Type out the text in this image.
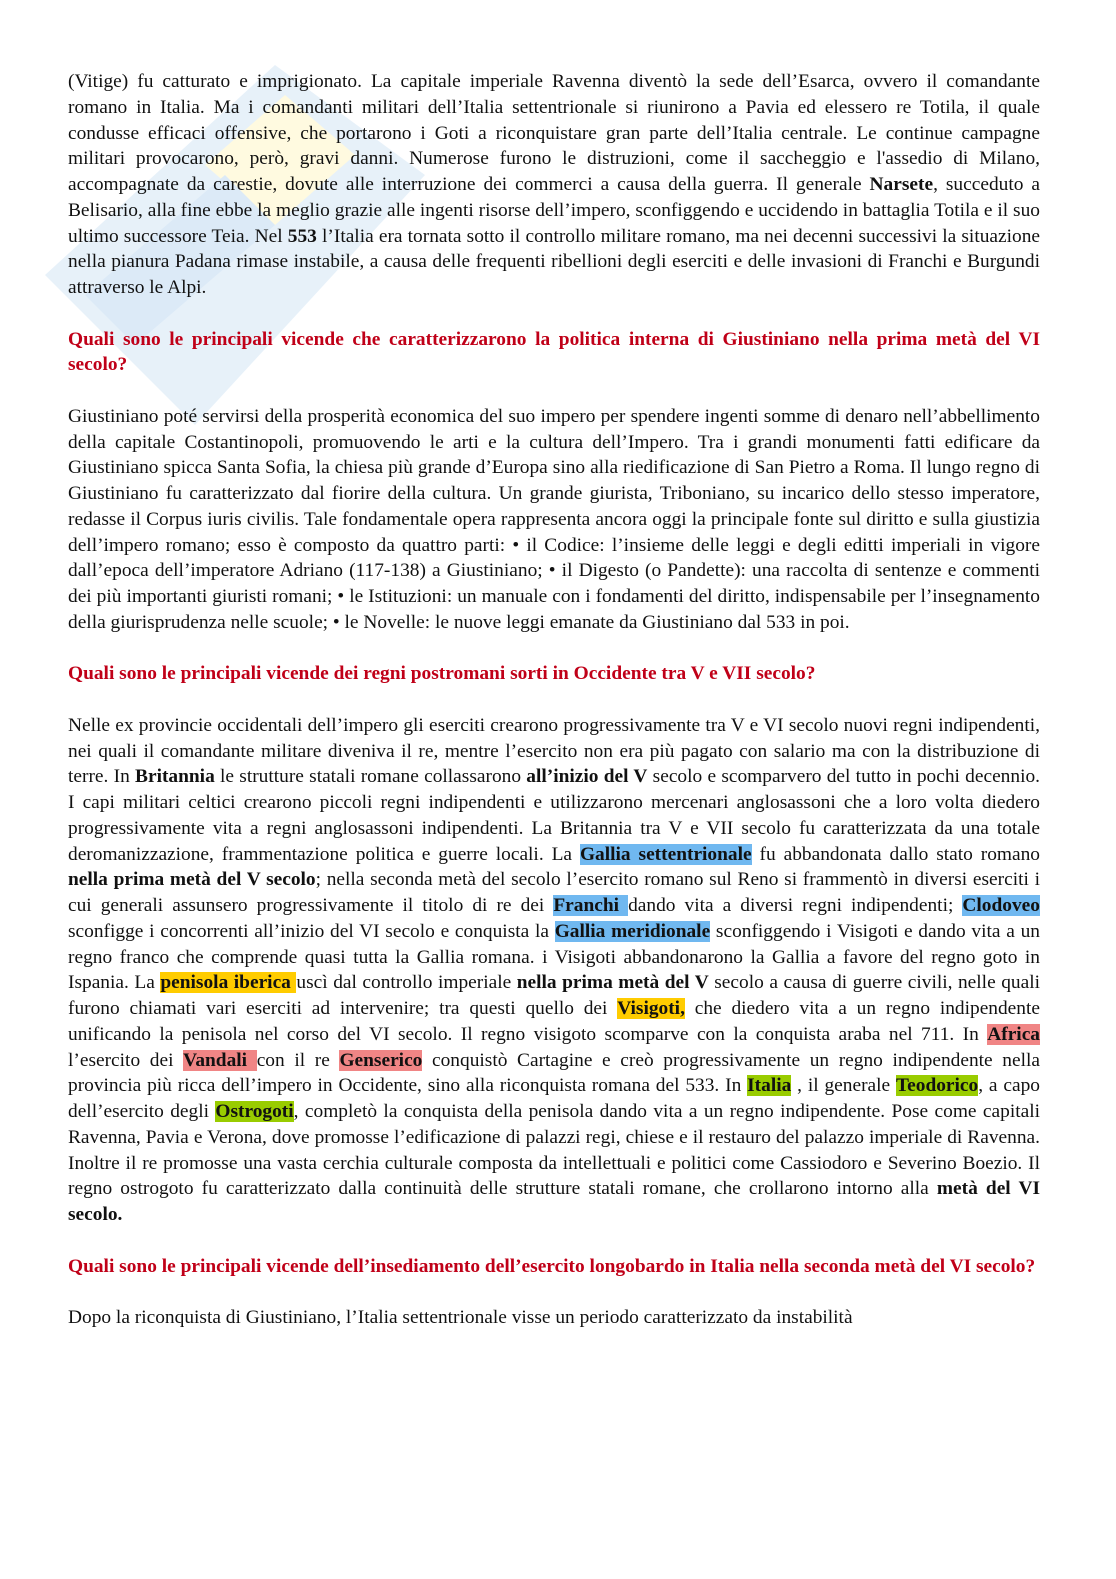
(Vitige) fu catturato e imprigionato. La capitale imperiale Ravenna diventò la sede dell’Esarca, ovvero il comandante romano in Italia. Ma i comandanti militari dell’Italia settentrionale si riunirono a Pavia ed elessero re Totila, il quale condusse efficaci offensive, che portarono i Goti a riconquistare gran parte dell’Italia centrale. Le continue campagne militari provocarono, però, gravi danni. Numerose furono le distruzioni, come il saccheggio e l'assedio di Milano, accompagnate da carestie, dovute alle interruzione dei commerci a causa della guerra. Il generale Narsete, succeduto a Belisario, alla fine ebbe la meglio grazie alle ingenti risorse dell’impero, sconfiggendo e uccidendo in battaglia Totila e il suo ultimo successore Teia. Nel 553 l’Italia era tornata sotto il controllo militare romano, ma nei decenni successivi la situazione nella pianura Padana rimase instabile, a causa delle frequenti ribellioni degli eserciti e delle invasioni di Franchi e Burgundi attraverso le Alpi.
Quali sono le principali vicende che caratterizzarono la politica interna di Giustiniano nella prima metà del VI secolo?
Giustiniano poté servirsi della prosperità economica del suo impero per spendere ingenti somme di denaro nell’abbellimento della capitale Costantinopoli, promuovendo le arti e la cultura dell’Impero. Tra i grandi monumenti fatti edificare da Giustiniano spicca Santa Sofia, la chiesa più grande d’Europa sino alla riedificazione di San Pietro a Roma. Il lungo regno di Giustiniano fu caratterizzato dal fiorire della cultura. Un grande giurista, Triboniano, su incarico dello stesso imperatore, redasse il Corpus iuris civilis. Tale fondamentale opera rappresenta ancora oggi la principale fonte sul diritto e sulla giustizia dell’impero romano; esso è composto da quattro parti: • il Codice: l’insieme delle leggi e degli editti imperiali in vigore dall’epoca dell’imperatore Adriano (117-138) a Giustiniano; • il Digesto (o Pandette): una raccolta di sentenze e commenti dei più importanti giuristi romani; • le Istituzioni: un manuale con i fondamenti del diritto, indispensabile per l’insegnamento della giurisprudenza nelle scuole; • le Novelle: le nuove leggi emanate da Giustiniano dal 533 in poi.
Quali sono le principali vicende dei regni postromani sorti in Occidente tra V e VII secolo?
Nelle ex provincie occidentali dell’impero gli eserciti crearono progressivamente tra V e VI secolo nuovi regni indipendenti, nei quali il comandante militare diveniva il re, mentre l’esercito non era più pagato con salario ma con la distribuzione di terre. In Britannia le strutture statali romane collassarono all’inizio del V secolo e scomparvero del tutto in pochi decennio. I capi militari celtici crearono piccoli regni indipendenti e utilizzarono mercenari anglosassoni che a loro volta diedero progressivamente vita a regni anglosassoni indipendenti. La Britannia tra V e VII secolo fu caratterizzata da una totale deromanizzazione, frammentazione politica e guerre locali. La Gallia settentrionale fu abbandonata dallo stato romano nella prima metà del V secolo; nella seconda metà del secolo l’esercito romano sul Reno si frammentò in diversi eserciti i cui generali assunsero progressivamente il titolo di re dei Franchi dando vita a diversi regni indipendenti; Clodoveo sconfigge i concorrenti all’inizio del VI secolo e conquista la Gallia meridionale sconfiggendo i Visigoti e dando vita a un regno franco che comprende quasi tutta la Gallia romana. i Visigoti abbandonarono la Gallia a favore del regno goto in Ispania. La penisola iberica uscì dal controllo imperiale nella prima metà del V secolo a causa di guerre civili, nelle quali furono chiamati vari eserciti ad intervenire; tra questi quello dei Visigoti, che diedero vita a un regno indipendente unificando la penisola nel corso del VI secolo. Il regno visigoto scomparve con la conquista araba nel 711. In Africa l’esercito dei Vandali con il re Genserico conquistò Cartagine e creò progressivamente un regno indipendente nella provincia più ricca dell’impero in Occidente, sino alla riconquista romana del 533. In Italia , il generale Teodorico, a capo dell’esercito degli Ostrogoti, completò la conquista della penisola dando vita a un regno indipendente. Pose come capitali Ravenna, Pavia e Verona, dove promosse l’edificazione di palazzi regi, chiese e il restauro del palazzo imperiale di Ravenna. Inoltre il re promosse una vasta cerchia culturale composta da intellettuali e politici come Cassiodoro e Severino Boezio. Il regno ostrogoto fu caratterizzato dalla continuità delle strutture statali romane, che crollarono intorno alla metà del VI secolo.
Quali sono le principali vicende dell’insediamento dell’esercito longobardo in Italia nella seconda metà del VI secolo?
Dopo la riconquista di Giustiniano, l’Italia settentrionale visse un periodo caratterizzato da instabilità
